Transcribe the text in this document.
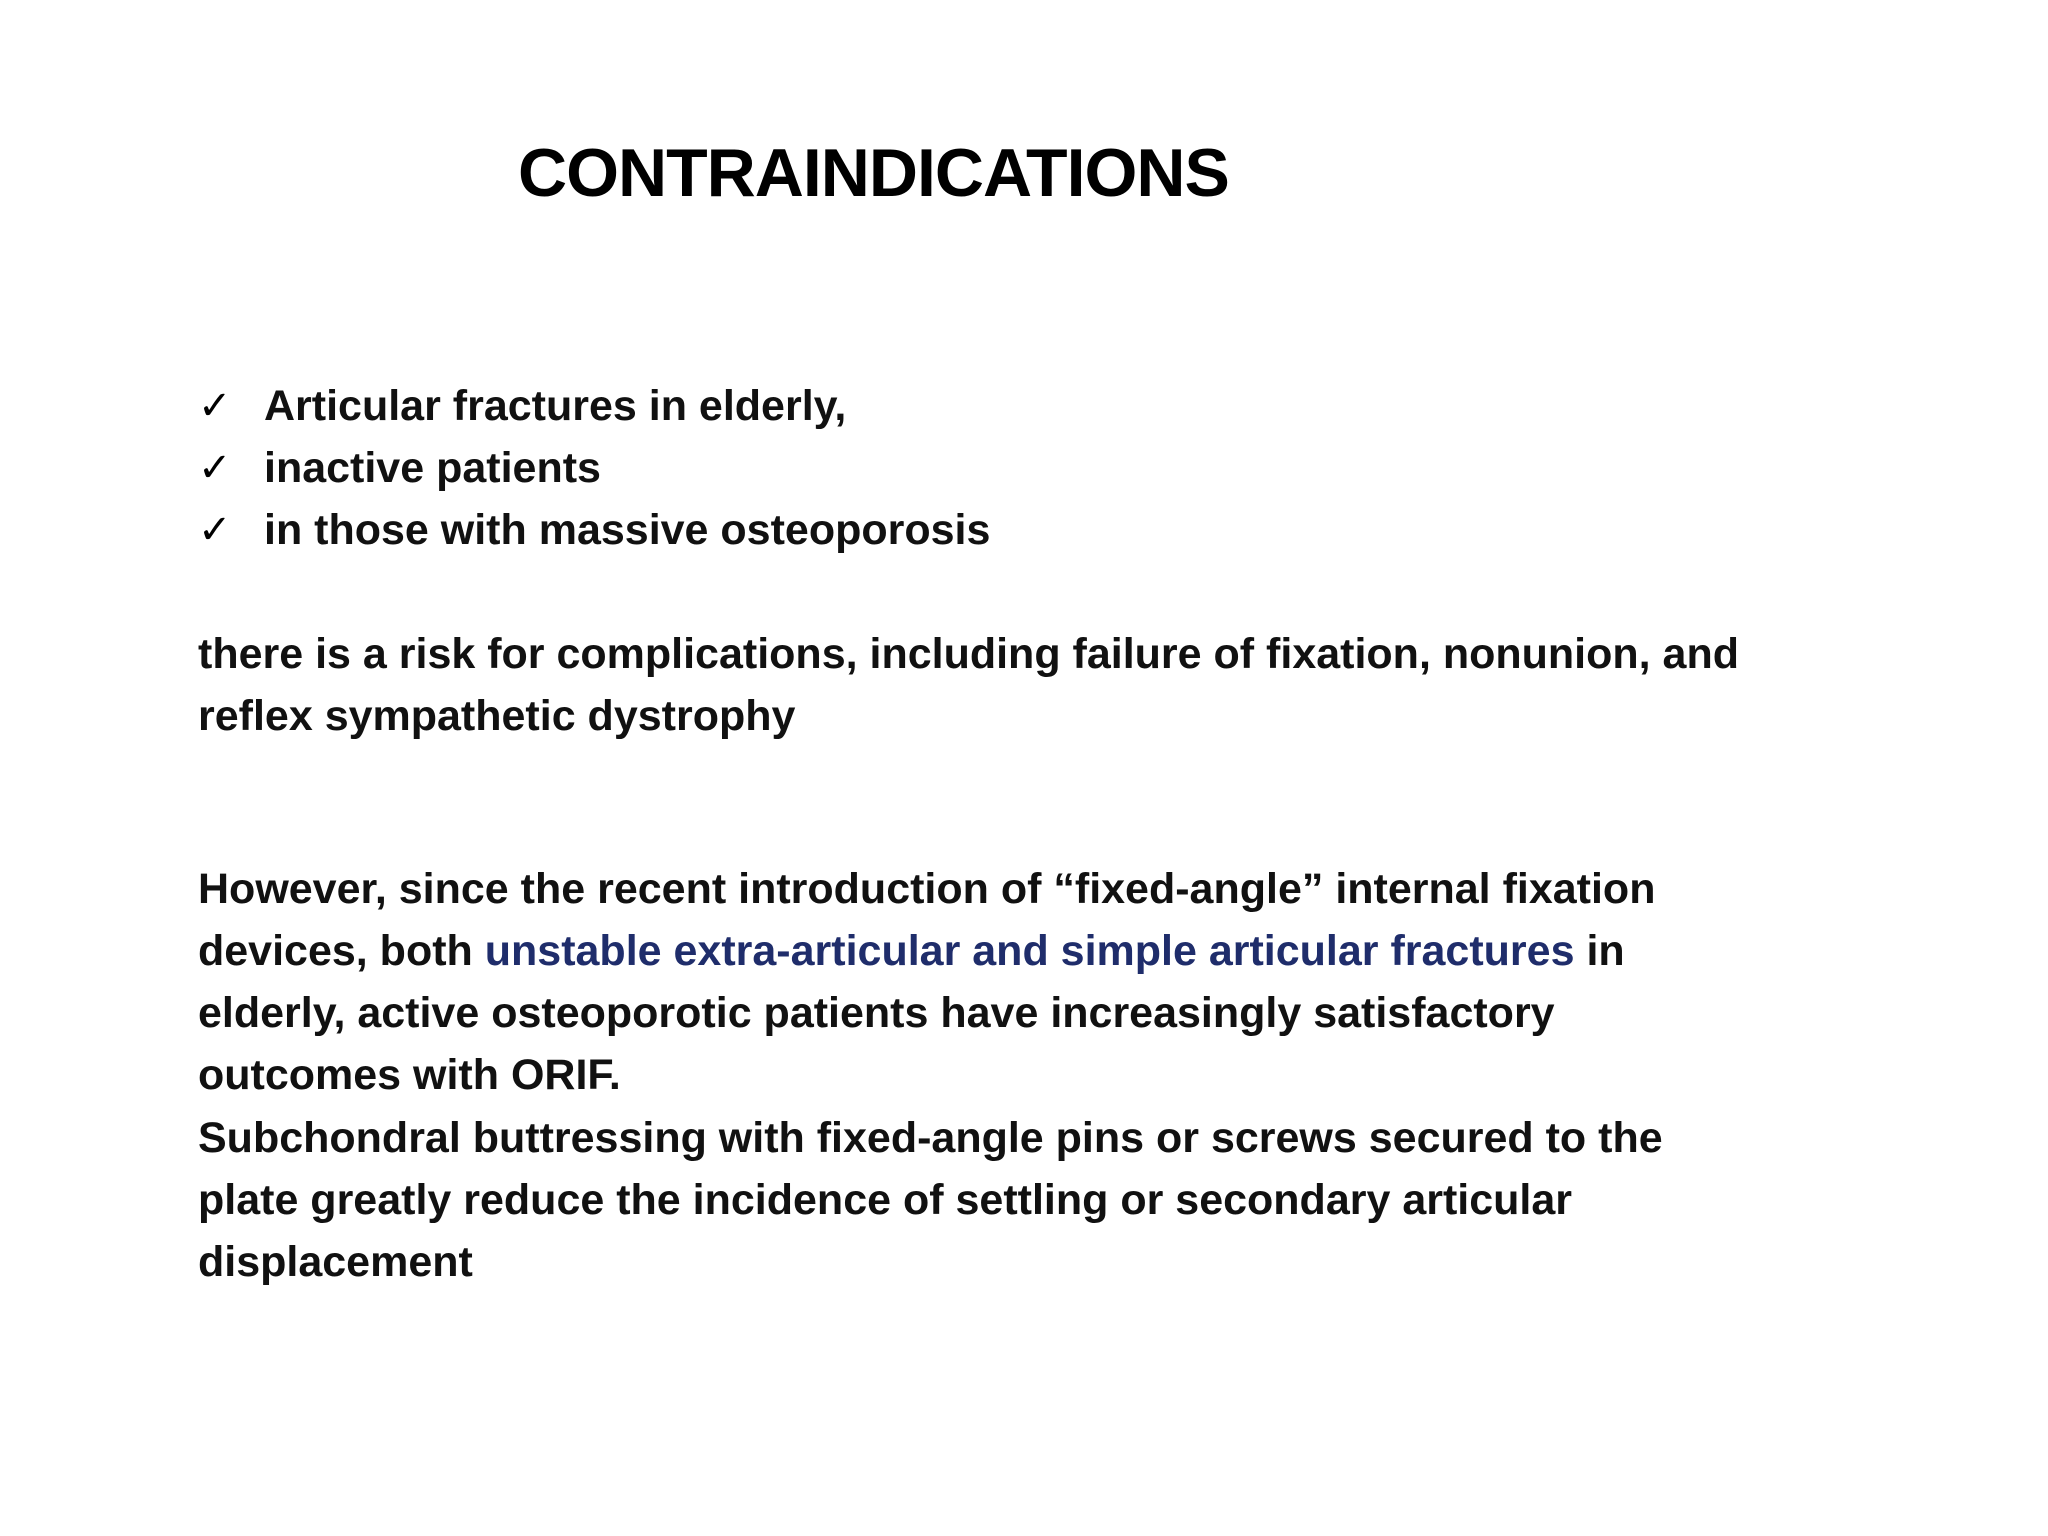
CONTRAINDICATIONS
✓ Articular fractures in elderly,
✓ inactive patients
✓ in those with massive osteoporosis

there is a risk for complications, including failure of fixation, nonunion, and reflex sympathetic dystrophy

However, since the recent introduction of “fixed-angle” internal fixation devices, both unstable extra-articular and simple articular fractures in elderly, active osteoporotic patients have increasingly satisfactory outcomes with ORIF.

Subchondral buttressing with fixed-angle pins or screws secured to the plate greatly reduce the incidence of settling or secondary articular displacement
